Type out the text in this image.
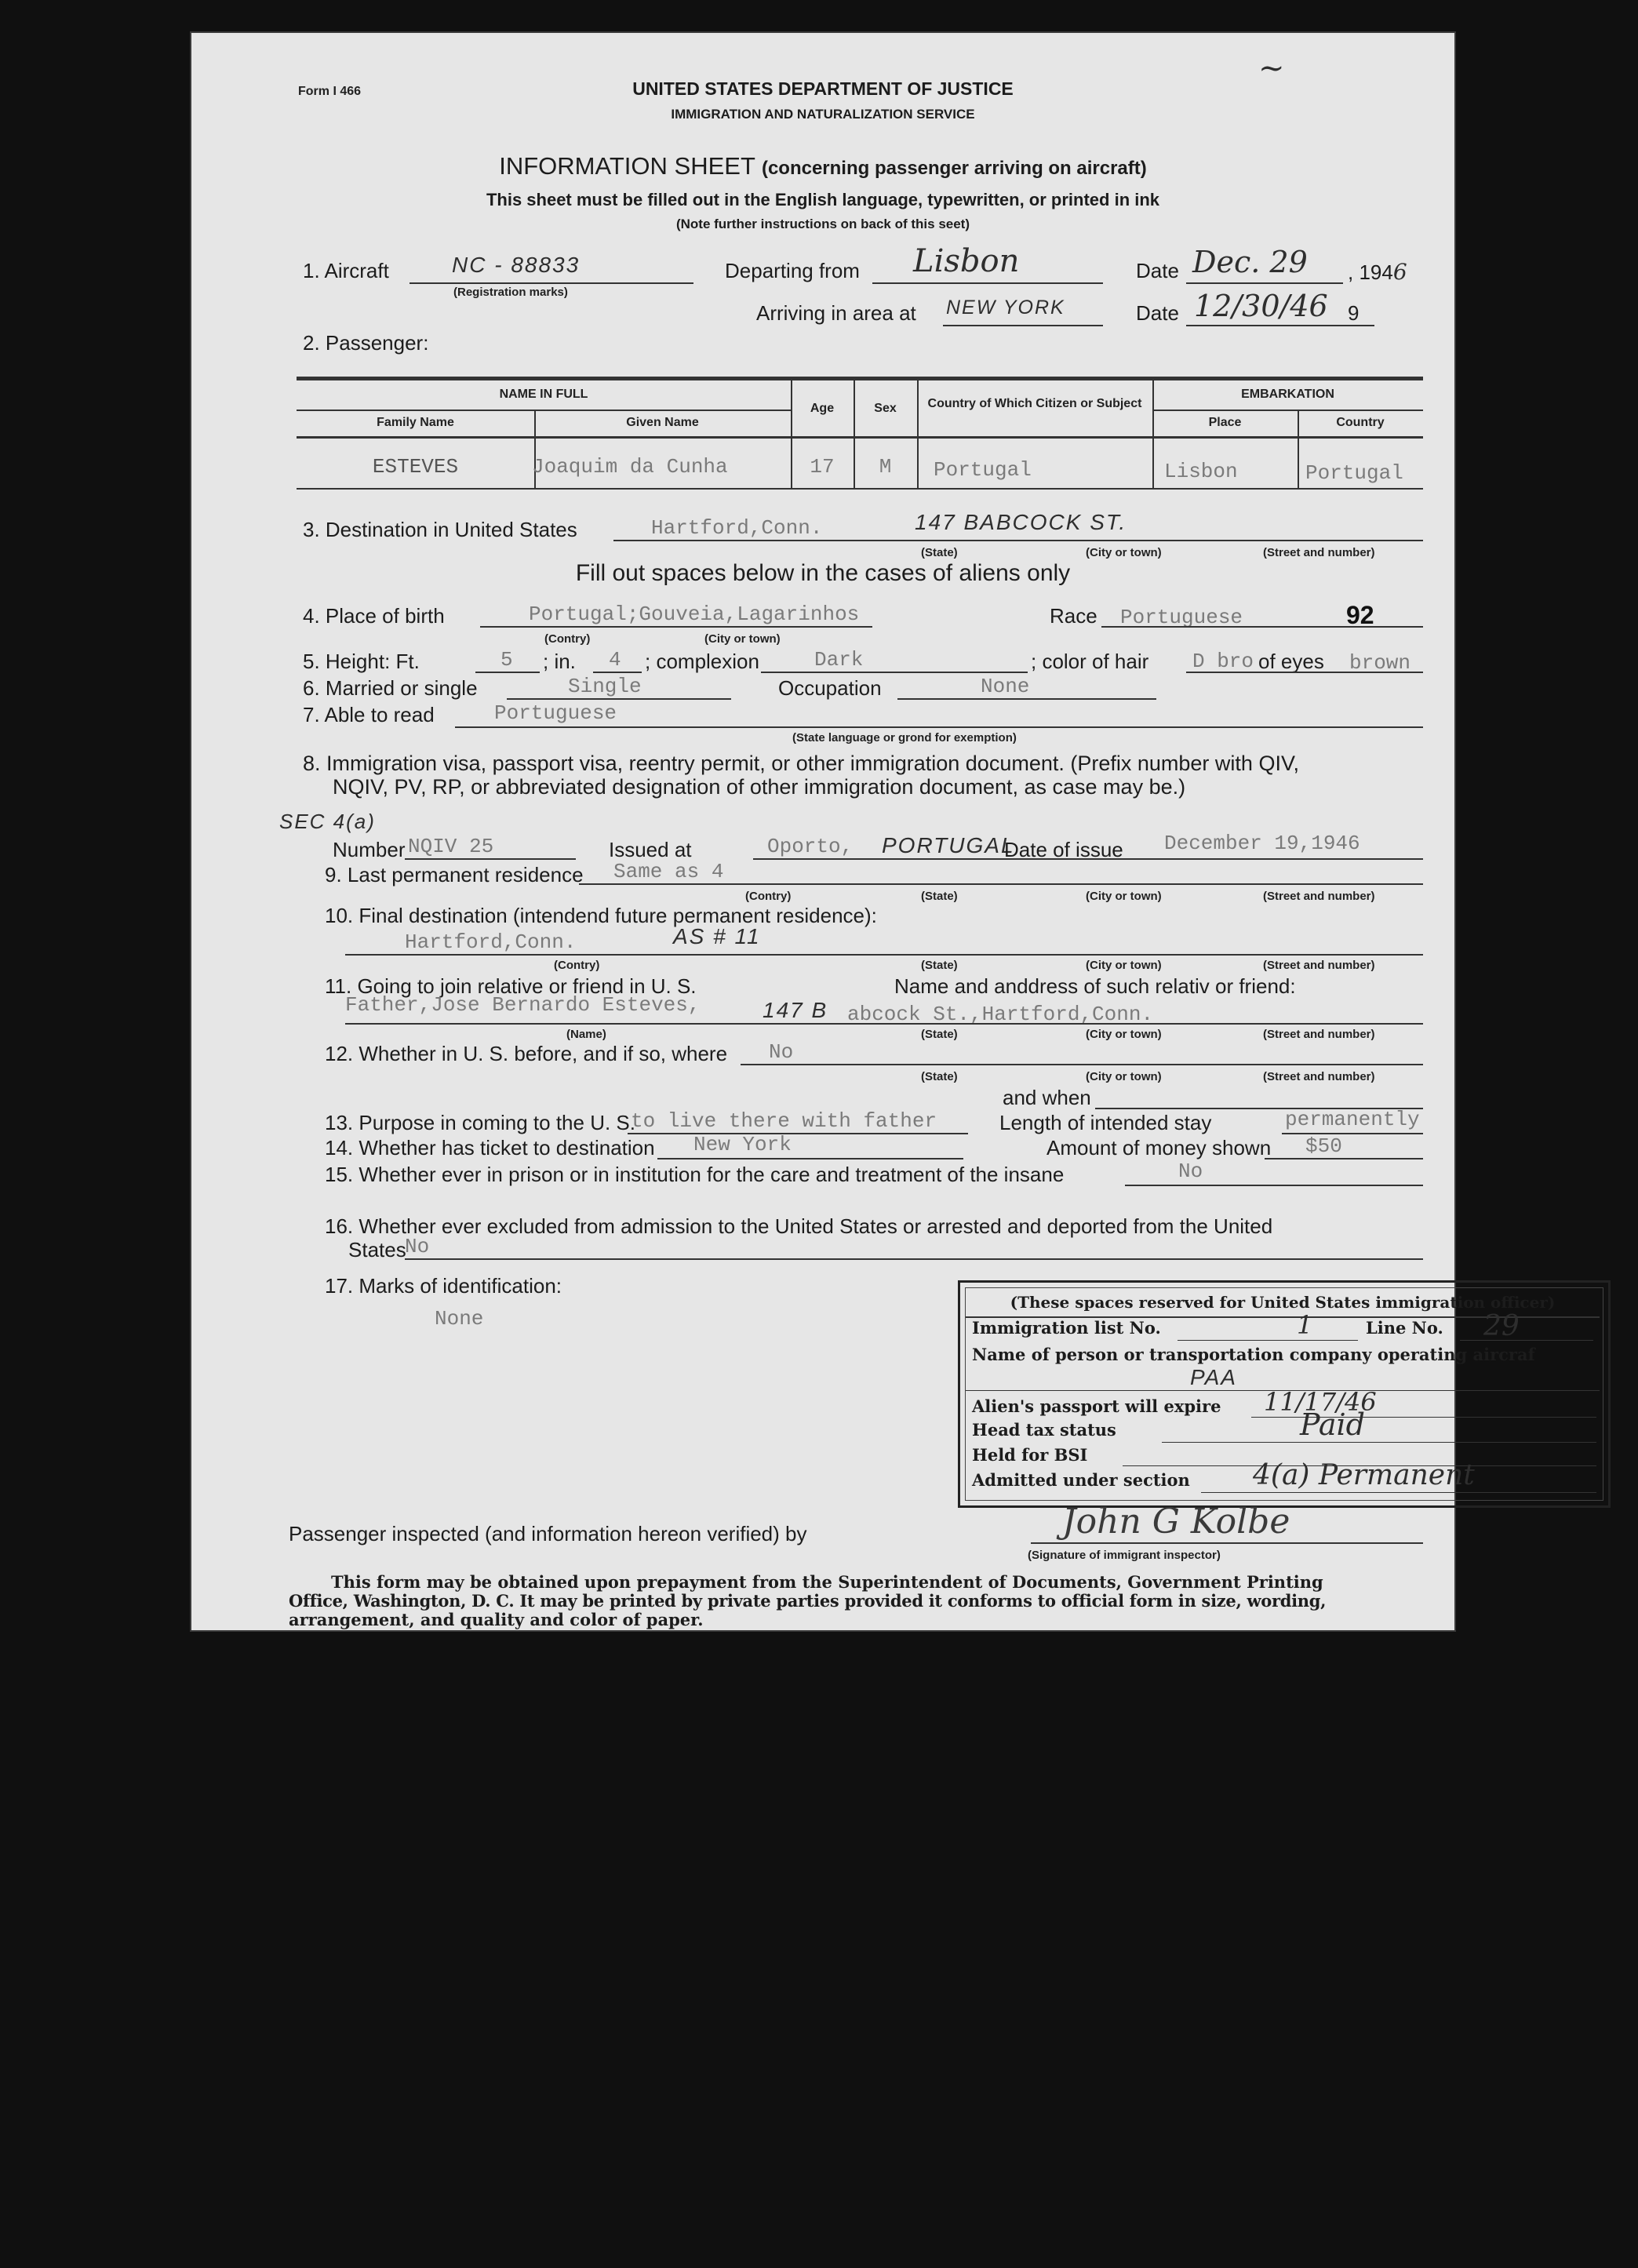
Form I 466
~
UNITED STATES DEPARTMENT OF JUSTICE
IMMIGRATION AND NATURALIZATION SERVICE
INFORMATION SHEET (concerning passenger arriving on aircraft)
This sheet must be filled out in the English language, typewritten, or printed in ink
(Note further instructions on back of this seet)
1. Aircraft	NC - 88833
(Registration marks)
Departing from Lisbon	Date Dec. 29 , 1946
Arriving in area at NEW YORK	Date 12/30/46 9
2. Passenger:
NAME IN FULL
Family Name	Given Name
Age	Sex	Country of Which Citizen or Subject
EMBARKATION
Place	Country
ESTEVES	Joaquim da Cunha	17	M	Portugal	Lisbon	Portugal
3. Destination in United States	Hartford,Conn.	147 BABCOCK ST.
(State)	(City or town)	(Street and number)
Fill out spaces below in the cases of aliens only
4. Place of birth	Portugal;Gouveia,Lagarinhos
(Contry)	(City or town)
Race Portuguese	92
5. Height: Ft.	5 ; in. 4 ; complexion	Dark	; color of hair D bro of eyes brown
6. Married or single	Single	Occupation	None
7. Able to read	Portuguese
(State language or grond for exemption)
8. Immigration visa, passport visa, reentry permit, or other immigration document. (Prefix number with QIV,
NQIV, PV, RP, or abbreviated designation of other immigration document, as case may be.)
SEC 4(a)
Number NQIV 25	Issued at	Oporto, PORTUGAL
Date of issue December 19,1946
9. Last permanent residence Same as 4
(Contry)	(State)	(City or town)	(Street and number)
10. Final destination (intendend future permanent residence):
Hartford,Conn.	AS # 11
(Contry)	(State)	(City or town)	(Street and number)
11. Going to join relative or friend in U. S.	Name and anddress of such relativ or friend:
Father,Jose Bernardo Esteves,	147 B abcock St.,Hartford,Conn.
(Name)	(State)	(City or town)	(Street and number)
12. Whether in U. S. before, and if so, where No
(State)	(City or town)	(Street and number)
and when
13. Purpose in coming to the U. S.
to live there with father	Length of intended stay	permanently
14. Whether has ticket to destination New York	Amount of money shown $50
15. Whether ever in prison or in institution for the care and treatment of the insane	No
16. Whether ever excluded from admission to the United States or arrested and deported from the United
States
No
17. Marks of identification:
None
(These spaces reserved for United States immigration officer)
Immigration list No.	1	Line No. 29
Name of person or transportation company operating aircraf
PAA
Alien's passport will expire 11/17/46
Head tax status	Paid
Held for BSI
Admitted under section 4(a) Permanent
Passenger inspected (and information hereon verified) by	John G Kolbe
(Signature of immigrant inspector)
This form may be obtained upon prepayment from the Superintendent of Documents, Government Printing
Office, Washington, D. C. It may be printed by private parties provided it conforms to official form in size, wording,
arrangement, and quality and color of paper.
